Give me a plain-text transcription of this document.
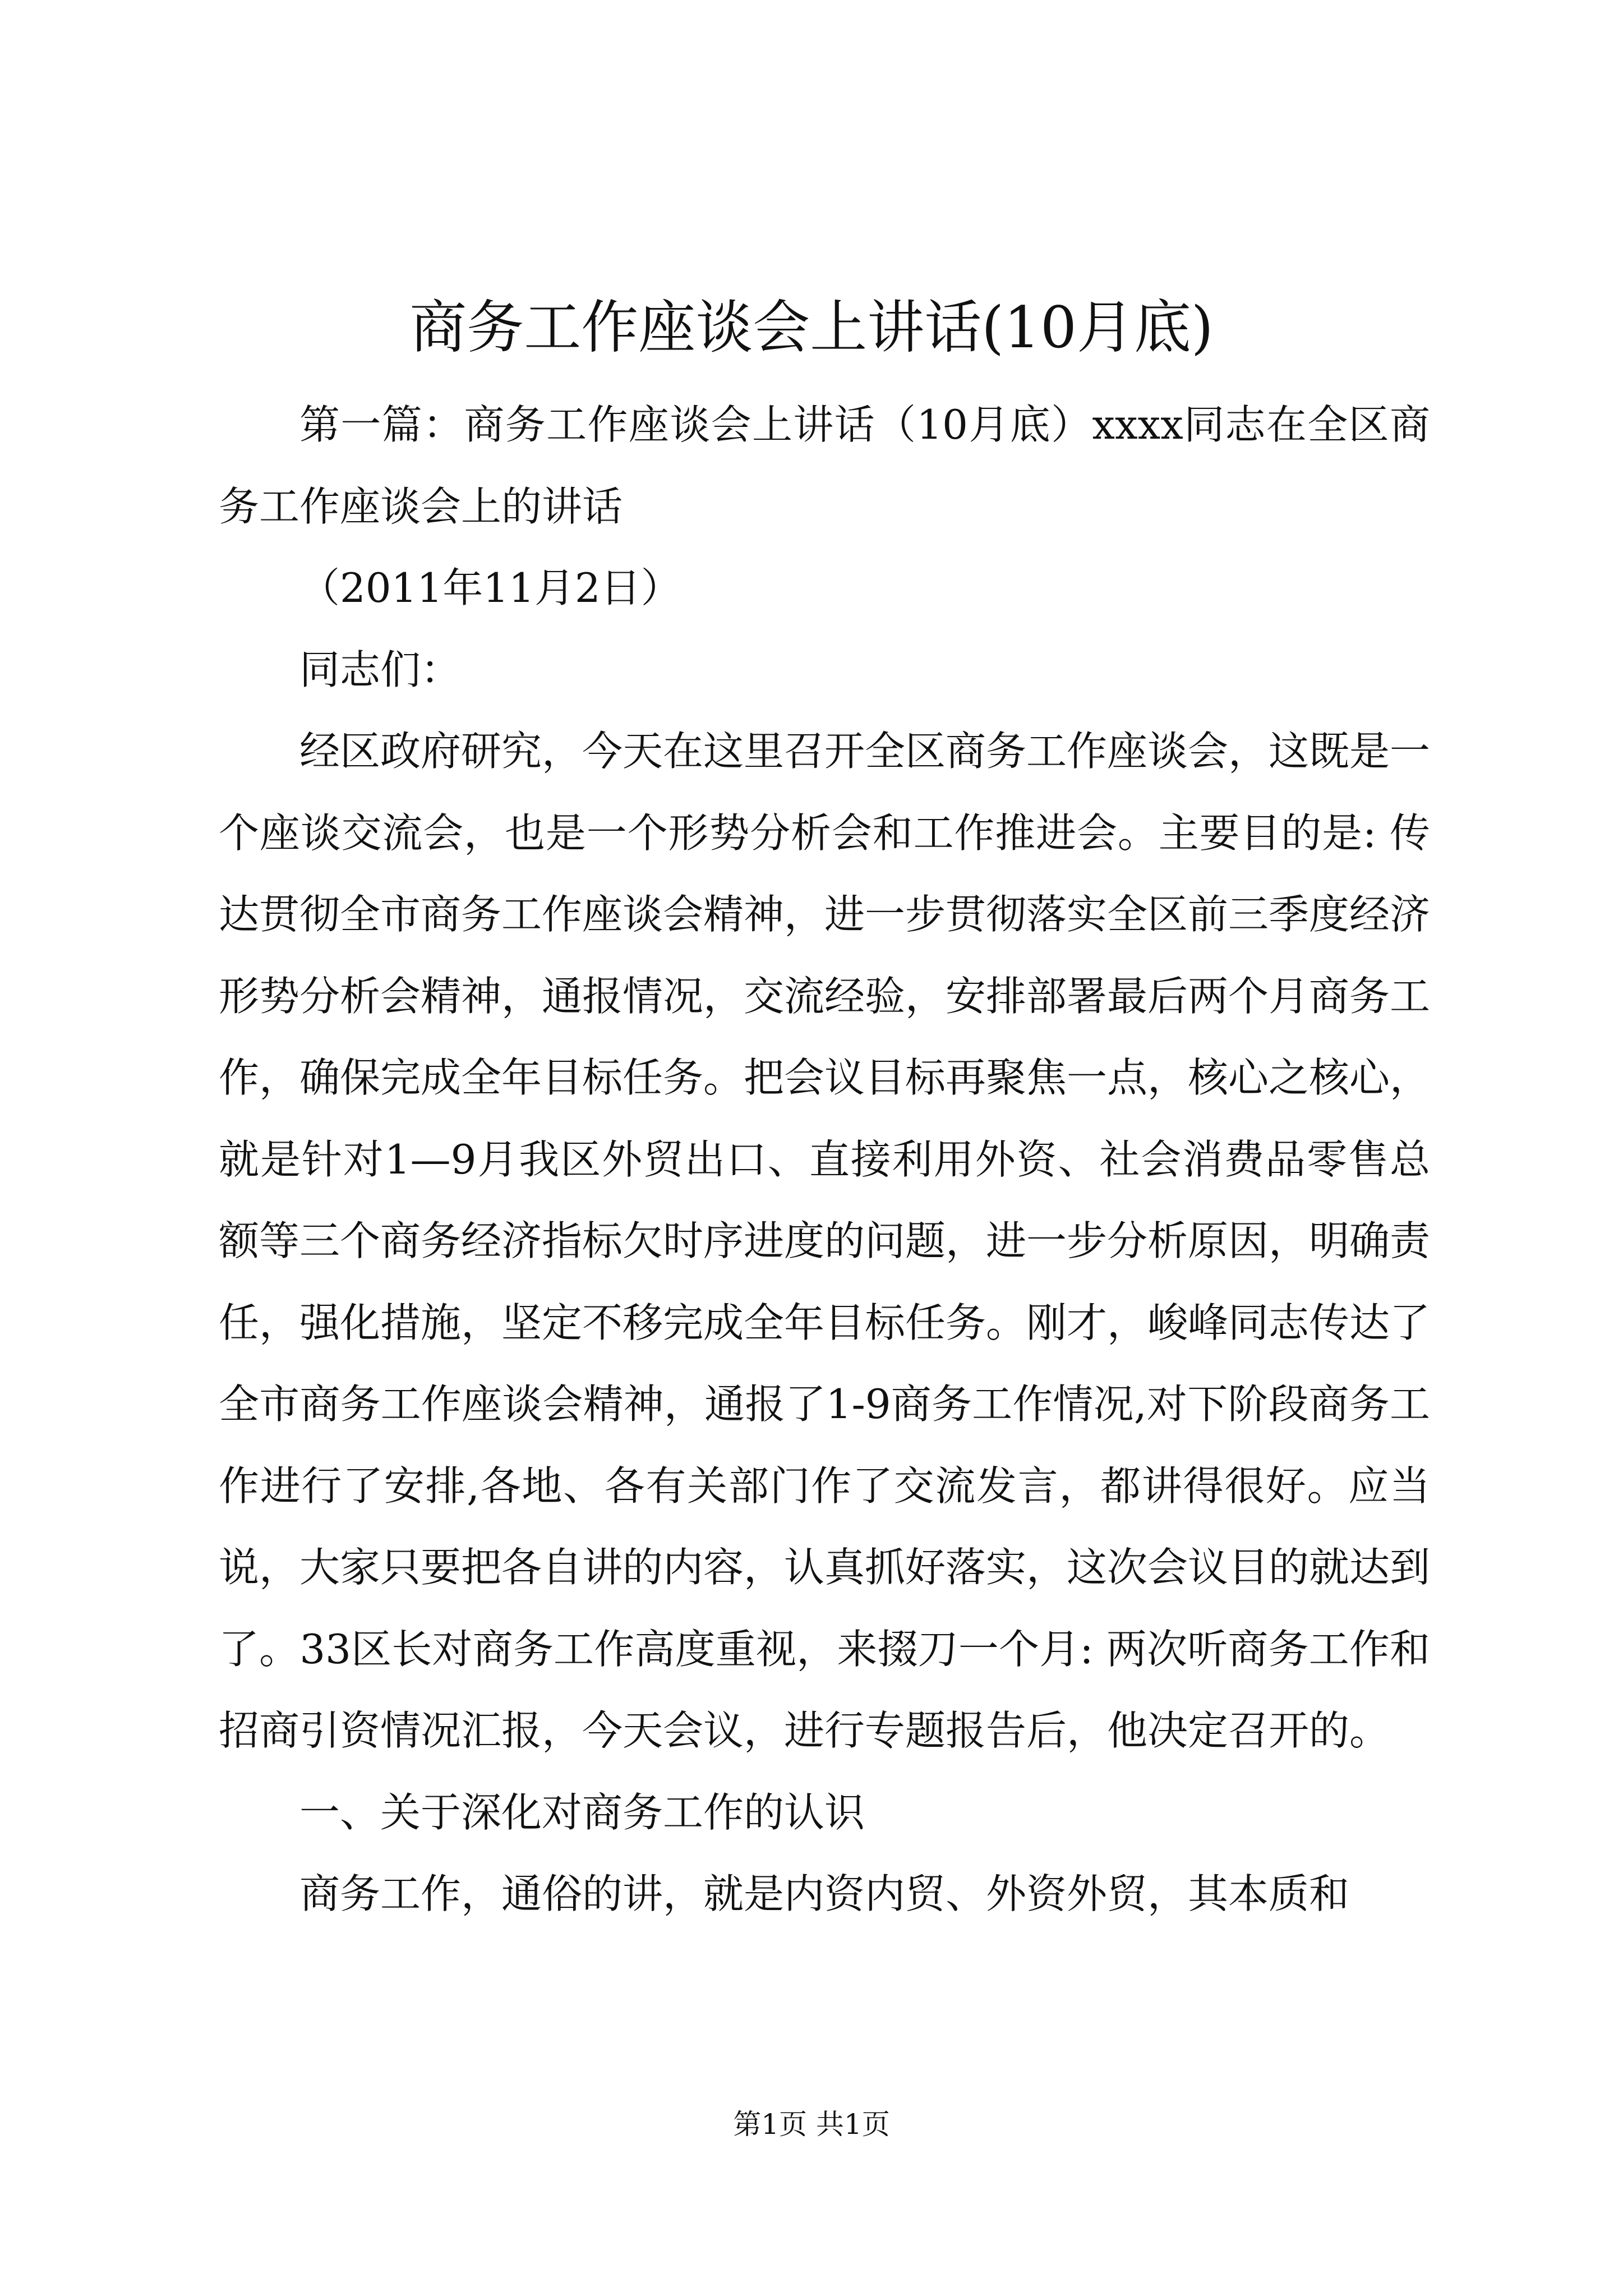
商务工作座谈会上讲话(10月底)

第一篇：商务工作座谈会上讲话（10月底）xxxx同志在全区商务工作座谈会上的讲话

（2011年11月2日）

同志们：

经区政府研究，今天在这里召开全区商务工作座谈会，这既是一个座谈交流会，也是一个形势分析会和工作推进会。主要目的是: 传达贯彻全市商务工作座谈会精神，进一步贯彻落实全区前三季度经济形势分析会精神，通报情况，交流经验，安排部署最后两个月商务工作，确保完成全年目标任务。把会议目标再聚焦一点，核心之核心，就是针对1—9月我区外贸出口、直接利用外资、社会消费品零售总额等三个商务经济指标欠时序进度的问题，进一步分析原因，明确责任，强化措施，坚定不移完成全年目标任务。刚才，峻峰同志传达了全市商务工作座谈会精神，通报了1-9商务工作情况,对下阶段商务工作进行了安排,各地、各有关部门作了交流发言，都讲得很好。应当说，大家只要把各自讲的内容，认真抓好落实，这次会议目的就达到了。33区长对商务工作高度重视，来掇刀一个月: 两次听商务工作和招商引资情况汇报，今天会议，进行专题报告后，他决定召开的。

一、关于深化对商务工作的认识

商务工作，通俗的讲，就是内资内贸、外资外贸，其本质和

第1页 共1页
